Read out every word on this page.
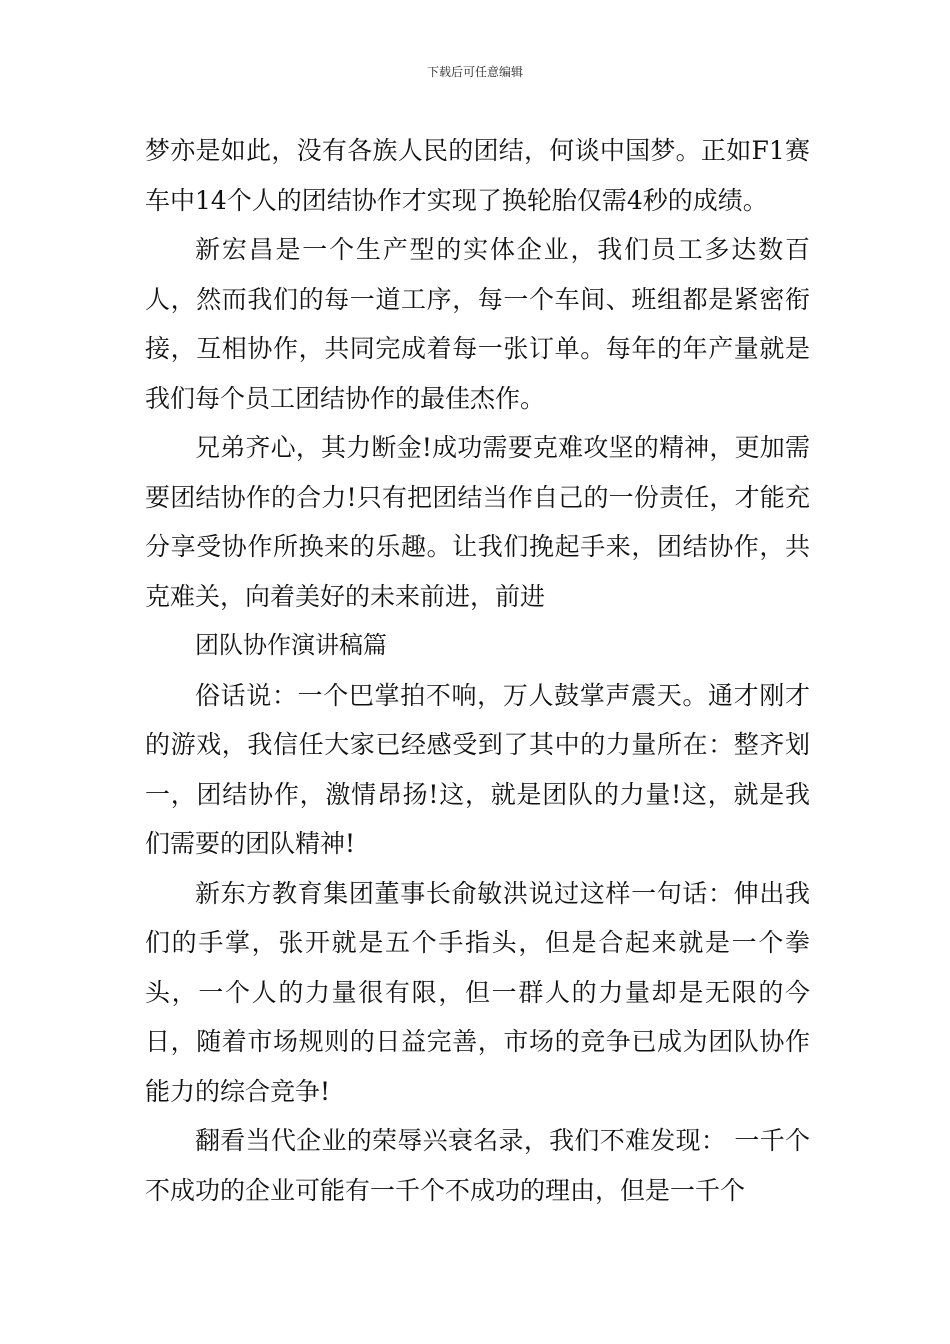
下载后可任意编辑

梦亦是如此，没有各族人民的团结，何谈中国梦。正如F1赛车中14个人的团结协作才实现了换轮胎仅需4秒的成绩。

新宏昌是一个生产型的实体企业，我们员工多达数百人，然而我们的每一道工序，每一个车间、班组都是紧密衔接，互相协作，共同完成着每一张订单。每年的年产量就是我们每个员工团结协作的最佳杰作。

兄弟齐心，其力断金!成功需要克难攻坚的精神，更加需要团结协作的合力!只有把团结当作自己的一份责任，才能充分享受协作所换来的乐趣。让我们挽起手来，团结协作，共克难关，向着美好的未来前进，前进

团队协作演讲稿篇

俗话说：一个巴掌拍不响，万人鼓掌声震天。通才刚才的游戏，我信任大家已经感受到了其中的力量所在：整齐划一，团结协作，激情昂扬!这，就是团队的力量!这，就是我们需要的团队精神!

新东方教育集团董事长俞敏洪说过这样一句话：伸出我们的手掌，张开就是五个手指头，但是合起来就是一个拳头，一个人的力量很有限，但一群人的力量却是无限的今日，随着市场规则的日益完善，市场的竞争已成为团队协作能力的综合竞争!

翻看当代企业的荣辱兴衰名录，我们不难发现： 一千个不成功的企业可能有一千个不成功的理由，但是一千个
